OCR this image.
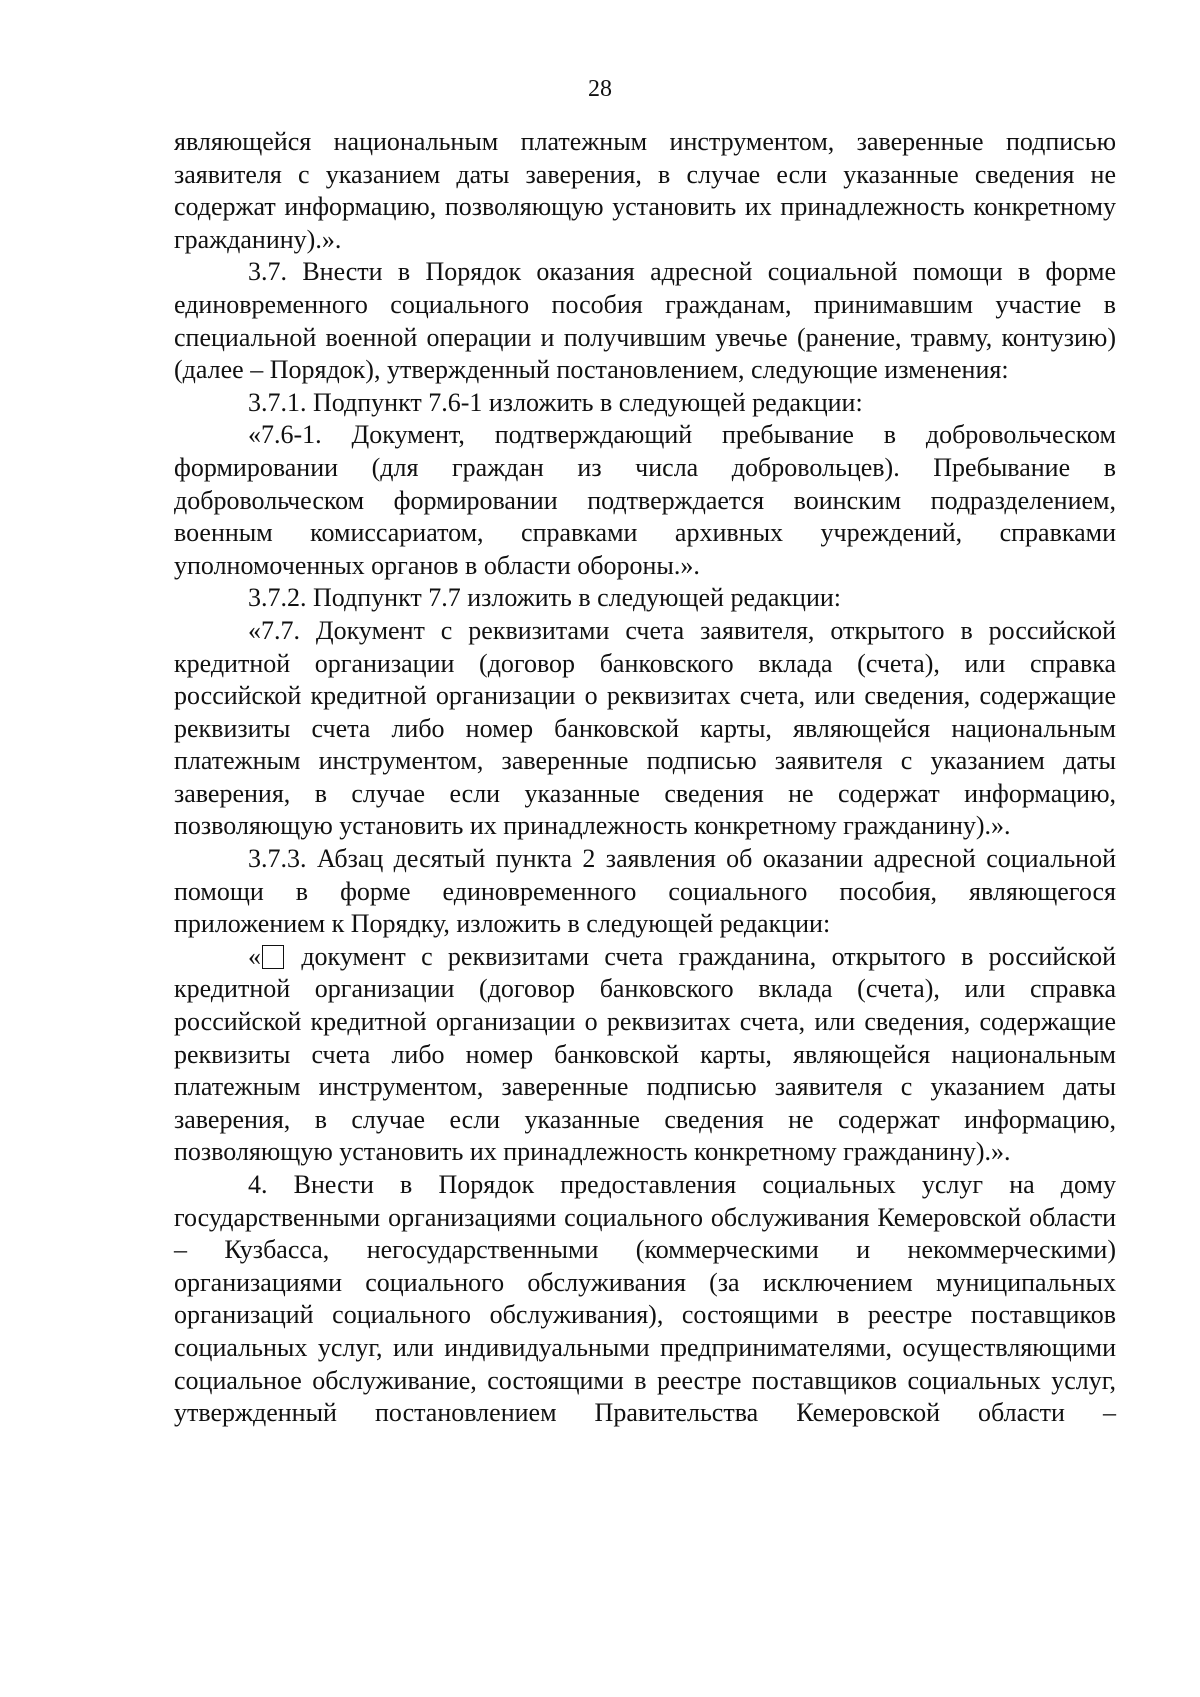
28

являющейся национальным платежным инструментом, заверенные подписью заявителя с указанием даты заверения, в случае если указанные сведения не содержат информацию, позволяющую установить их принадлежность конкретному гражданину).».

3.7. Внести в Порядок оказания адресной социальной помощи в форме единовременного социального пособия гражданам, принимавшим участие в специальной военной операции и получившим увечье (ранение, травму, контузию) (далее – Порядок), утвержденный постановлением, следующие изменения:

3.7.1. Подпункт 7.6-1 изложить в следующей редакции:

«7.6-1. Документ, подтверждающий пребывание в добровольческом формировании (для граждан из числа добровольцев). Пребывание в добровольческом формировании подтверждается воинским подразделением, военным комиссариатом, справками архивных учреждений, справками уполномоченных органов в области обороны.».

3.7.2. Подпункт 7.7 изложить в следующей редакции:

«7.7. Документ с реквизитами счета заявителя, открытого в российской кредитной организации (договор банковского вклада (счета), или справка российской кредитной организации о реквизитах счета, или сведения, содержащие реквизиты счета либо номер банковской карты, являющейся национальным платежным инструментом, заверенные подписью заявителя с указанием даты заверения, в случае если указанные сведения не содержат информацию, позволяющую установить их принадлежность конкретному гражданину).».

3.7.3. Абзац десятый пункта 2 заявления об оказании адресной социальной помощи в форме единовременного социального пособия, являющегося приложением к Порядку, изложить в следующей редакции:

« документ с реквизитами счета гражданина, открытого в российской кредитной организации (договор банковского вклада (счета), или справка российской кредитной организации о реквизитах счета, или сведения, содержащие реквизиты счета либо номер банковской карты, являющейся национальным платежным инструментом, заверенные подписью заявителя с указанием даты заверения, в случае если указанные сведения не содержат информацию, позволяющую установить их принадлежность конкретному гражданину).».

4. Внести в Порядок предоставления социальных услуг на дому государственными организациями социального обслуживания Кемеровской области – Кузбасса, негосударственными (коммерческими и некоммерческими) организациями социального обслуживания (за исключением муниципальных организаций социального обслуживания), состоящими в реестре поставщиков социальных услуг, или индивидуальными предпринимателями, осуществляющими социальное обслуживание, состоящими в реестре поставщиков социальных услуг, утвержденный постановлением Правительства Кемеровской области –
